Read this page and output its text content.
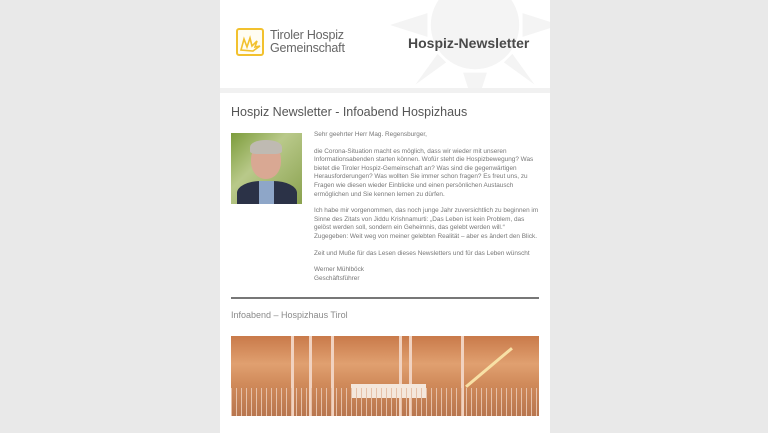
Tiroler Hospiz
Gemeinschaft	Hospiz-Newsletter
Hospiz Newsletter - Infoabend Hospizhaus

Sehr geehrter Herr Mag. Regensburger,

die Corona-Situation macht es möglich, dass wir wieder mit unseren Informationsabenden starten können. Wofür steht die Hospizbewegung? Was bietet die Tiroler Hospiz-Gemeinschaft an? Was sind die gegenwärtigen Herausforderungen? Was wollten Sie immer schon fragen? Es freut uns, zu Fragen wie diesen wieder Einblicke und einen persönlichen Austausch ermöglichen und Sie kennen lernen zu dürfen.

Ich habe mir vorgenommen, das noch junge Jahr zuversichtlich zu beginnen im Sinne des Zitats von Jiddu Krishnamurti: „Das Leben ist kein Problem, das gelöst werden soll, sondern ein Geheimnis, das gelebt werden will.“ Zugegeben: Weit weg von meiner gelebten Realität – aber es ändert den Blick.

Zeit und Muße für das Lesen dieses Newsletters und für das Leben wünscht

Werner Mühlböck
Geschäftsführer

Infoabend – Hospizhaus Tirol
